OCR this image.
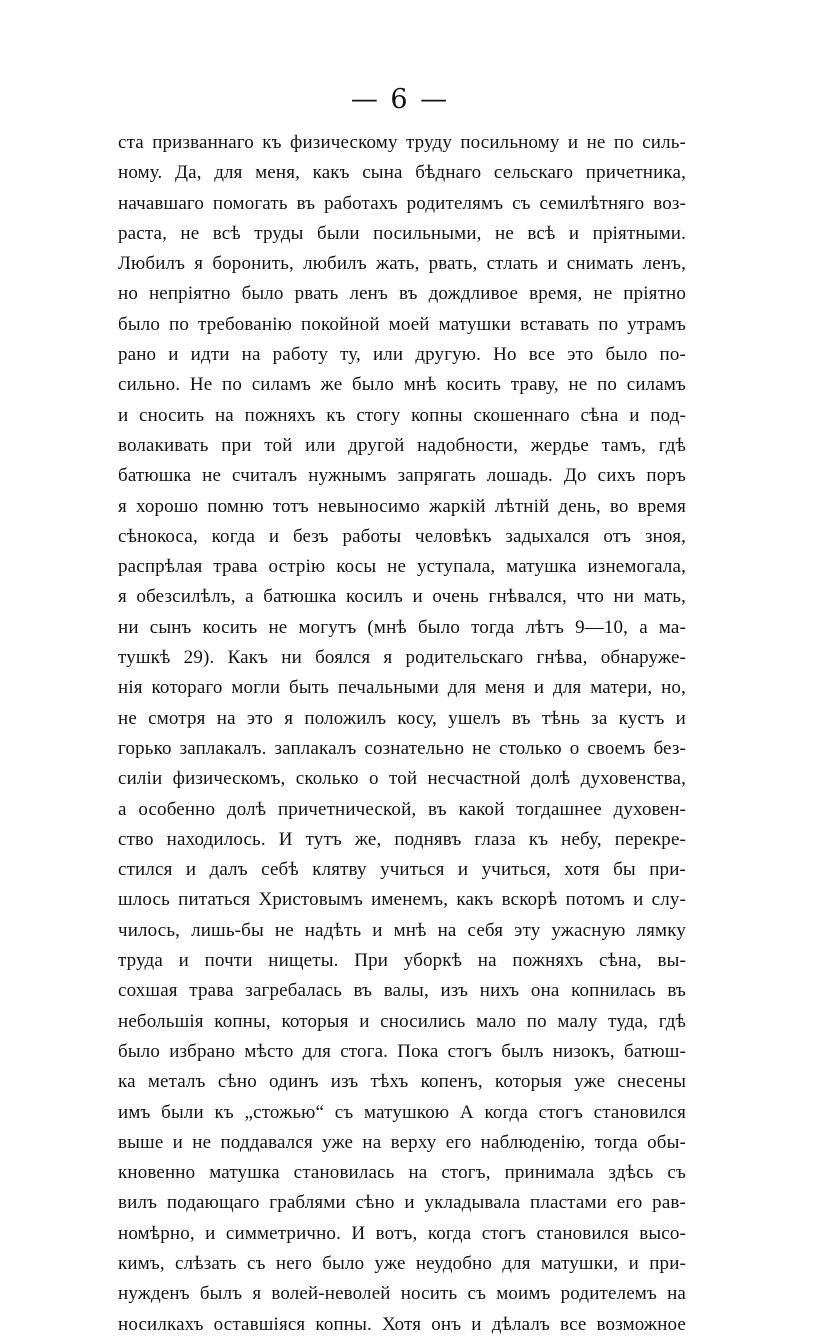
— 6 —
ста призваннаго къ физическому труду посильному и не по силь-
ному. Да, для меня, какъ сына бѣднаго сельскаго причетника,
начавшаго помогать въ работахъ родителямъ съ семилѣтняго воз-
раста, не всѣ труды были посильными, не всѣ и пріятными.
Любилъ я боронить, любилъ жать, рвать, стлать и снимать ленъ,
но непріятно было рвать ленъ въ дождливое время, не пріятно
было по требованію покойной моей матушки вставать по утрамъ
рано и идти на работу ту, или другую. Но все это было по-
сильно. Не по силамъ же было мнѣ косить траву, не по силамъ
и сносить на пожняхъ къ стогу копны скошеннаго сѣна и под-
волакивать при той или другой надобности, жердье тамъ, гдѣ
батюшка не считалъ нужнымъ запрягать лошадь. До сихъ поръ
я хорошо помню тотъ невыносимо жаркій лѣтній день, во время
сѣнокоса, когда и безъ работы человѣкъ задыхался отъ зноя,
распрѣлая трава острію косы не уступала, матушка изнемогала,
я обезсилѣлъ, а батюшка косилъ и очень гнѣвался, что ни мать,
ни сынъ косить не могутъ (мнѣ было тогда лѣтъ 9—10, а ма-
тушкѣ 29). Какъ ни боялся я родительскаго гнѣва, обнаруже-
нія котораго могли быть печальными для меня и для матери, но,
не смотря на это я положилъ косу, ушелъ въ тѣнь за кустъ и
горько заплакалъ. заплакалъ сознательно не столько о своемъ без-
силіи физическомъ, сколько о той несчастной долѣ духовенства,
а особенно долѣ причетнической, въ какой тогдашнее духовен-
ство находилось. И тутъ же, поднявъ глаза къ небу, перекре-
стился и далъ себѣ клятву учиться и учиться, хотя бы при-
шлось питаться Христовымъ именемъ, какъ вскорѣ потомъ и слу-
чилось, лишь-бы не надѣть и мнѣ на себя эту ужасную лямку
труда и почти нищеты. При уборкѣ на пожняхъ сѣна, вы-
сохшая трава загребалась въ валы, изъ нихъ она копнилась въ
небольшія копны, которыя и сносились мало по малу туда, гдѣ
было избрано мѣсто для стога. Пока стогъ былъ низокъ, батюш-
ка металъ сѣно одинъ изъ тѣхъ копенъ, которыя уже снесены
имъ были къ „стожью“ съ матушкою А когда стогъ становился
выше и не поддавался уже на верху его наблюденію, тогда обы-
кновенно матушка становилась на стогъ, принимала здѣсь съ
вилъ подающаго граблями сѣно и укладывала пластами его рав-
номѣрно, и симметрично. И вотъ, когда стогъ становился высо-
кимъ, слѣзать съ него было уже неудобно для матушки, и при-
нужденъ былъ я волей-неволей носить съ моимъ родителемъ на
носилкахъ оставшіяся копны. Хотя онъ и дѣлалъ все возможное
